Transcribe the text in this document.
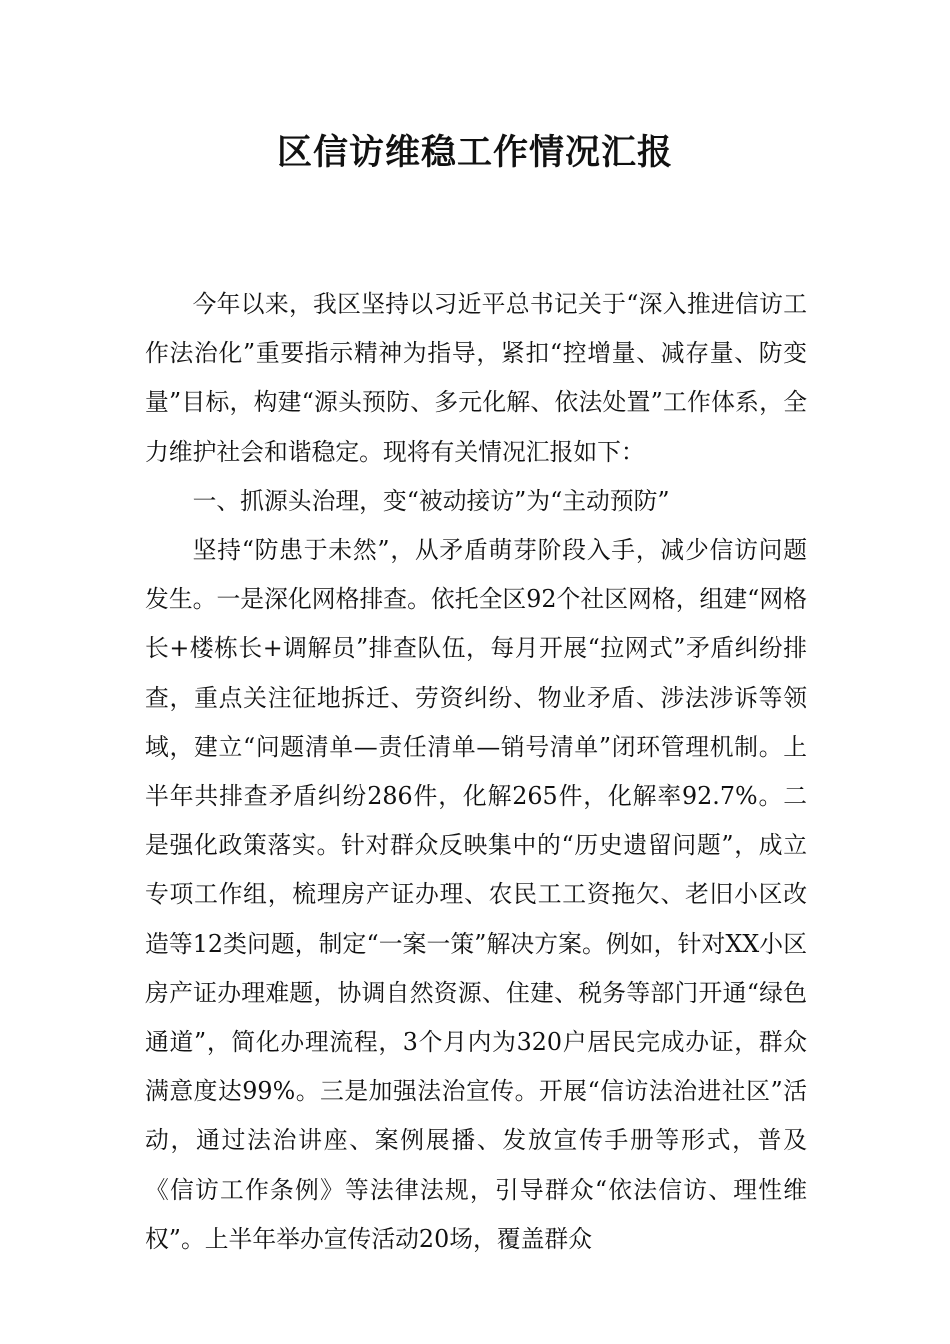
区信访维稳工作情况汇报

今年以来，我区坚持以习近平总书记关于“深入推进信访工作法治化”重要指示精神为指导，紧扣“控增量、减存量、防变量”目标，构建“源头预防、多元化解、依法处置”工作体系，全力维护社会和谐稳定。现将有关情况汇报如下：

一、抓源头治理，变“被动接访”为“主动预防”

坚持“防患于未然”，从矛盾萌芽阶段入手，减少信访问题发生。一是深化网格排查。依托全区92个社区网格，组建“网格长+楼栋长+调解员”排查队伍，每月开展“拉网式”矛盾纠纷排查，重点关注征地拆迁、劳资纠纷、物业矛盾、涉法涉诉等领域，建立“问题清单—责任清单—销号清单”闭环管理机制。上半年共排查矛盾纠纷286件，化解265件，化解率92.7%。二是强化政策落实。针对群众反映集中的“历史遗留问题”，成立专项工作组，梳理房产证办理、农民工工资拖欠、老旧小区改造等12类问题，制定“一案一策”解决方案。例如，针对XX小区房产证办理难题，协调自然资源、住建、税务等部门开通“绿色通道”，简化办理流程，3个月内为320户居民完成办证，群众满意度达99%。三是加强法治宣传。开展“信访法治进社区”活动，通过法治讲座、案例展播、发放宣传手册等形式，普及《信访工作条例》等法律法规，引导群众“依法信访、理性维权”。上半年举办宣传活动20场，覆盖群众
